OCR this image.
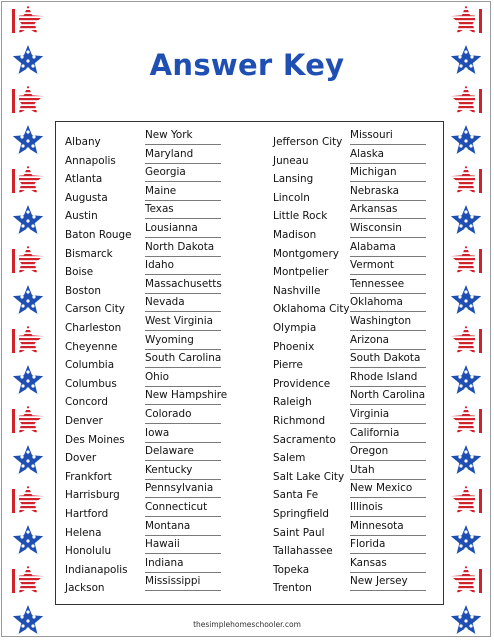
Answer Key
Albany
New York
Annapolis
Maryland
Atlanta
Georgia
Augusta
Maine
Austin
Texas
Baton Rouge
Lousianna
Bismarck
North Dakota
Boise
Idaho
Boston
Massachusetts
Carson City
Nevada
Charleston
West Virginia
Cheyenne
Wyoming
Columbia
South Carolina
Columbus
Ohio
Concord
New Hampshire
Denver
Colorado
Des Moines
Iowa
Dover
Delaware
Frankfort
Kentucky
Harrisburg
Pennsylvania
Hartford
Connecticut
Helena
Montana
Honolulu
Hawaii
Indianapolis
Indiana
Jackson
Mississippi
Jefferson City
Missouri
Juneau
Alaska
Lansing
Michigan
Lincoln
Nebraska
Little Rock
Arkansas
Madison
Wisconsin
Montgomery
Alabama
Montpelier
Vermont
Nashville
Tennessee
Oklahoma City
Oklahoma
Olympia
Washington
Phoenix
Arizona
Pierre
South Dakota
Providence
Rhode Island
Raleigh
North Carolina
Richmond
Virginia
Sacramento
California
Salem
Oregon
Salt Lake City
Utah
Santa Fe
New Mexico
Springfield
Illinois
Saint Paul
Minnesota
Tallahassee
Florida
Topeka
Kansas
Trenton
New Jersey
thesimplehomeschooler.com
